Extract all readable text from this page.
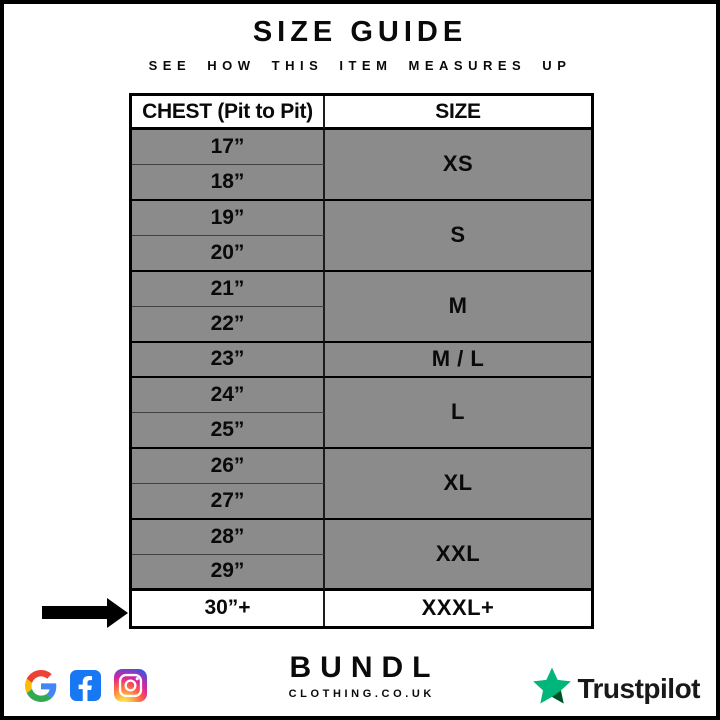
SIZE GUIDE
SEE HOW THIS ITEM MEASURES UP
CHEST (Pit to Pit)	SIZE
17”
18”
19”
20”
21”
22”
23”
24”
25”
26”
27”
28”
29”
30”+
XS
S
M
M / L
L
XL
XXL
XXXL+
BUNDL
CLOTHING.CO.UK	Trustpilot
